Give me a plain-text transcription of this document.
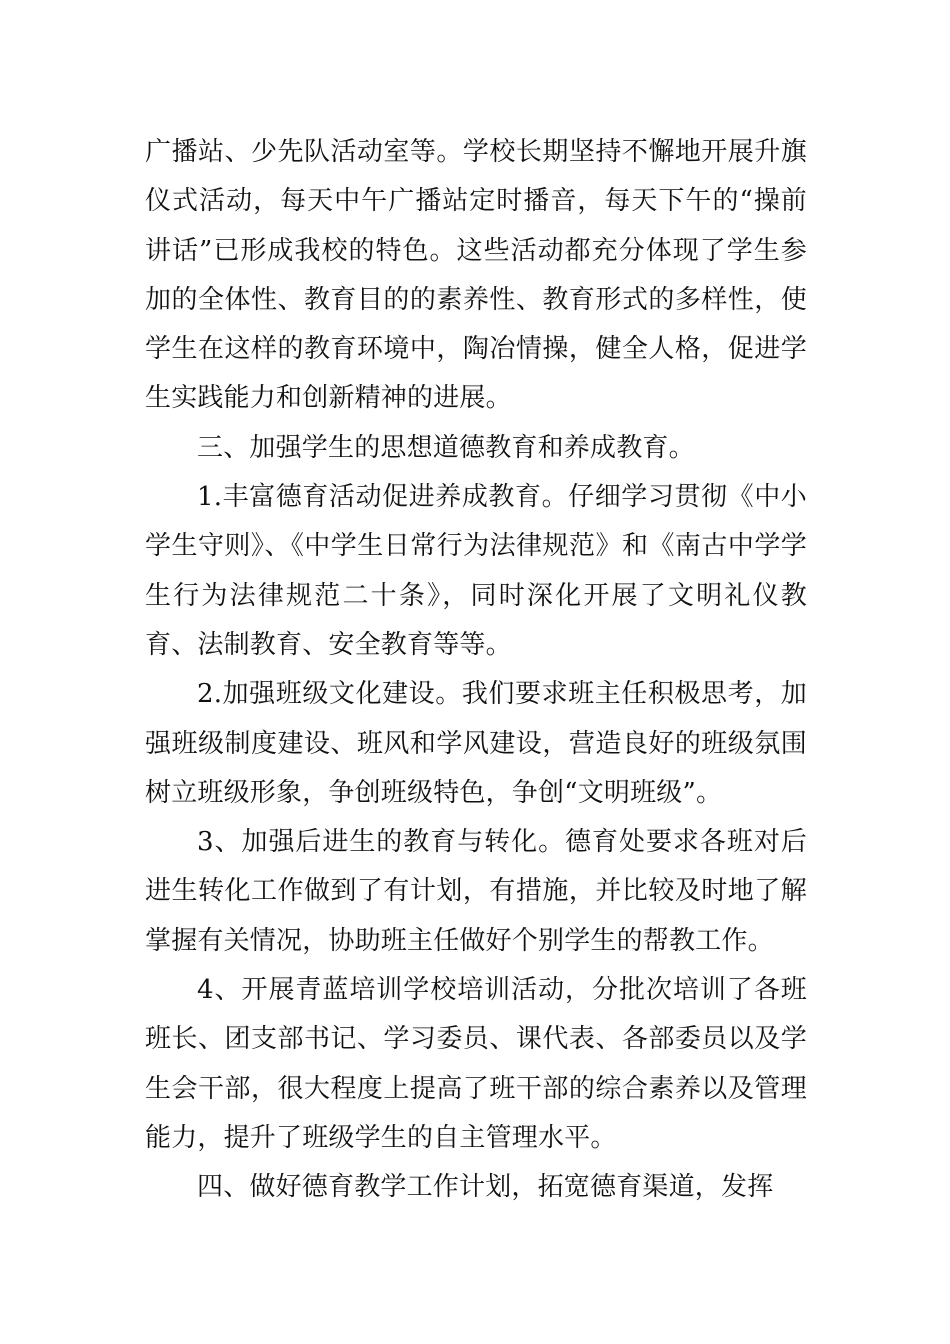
广播站、少先队活动室等。学校长期坚持不懈地开展升旗仪式活动，每天中午广播站定时播音，每天下午的“操前讲话”已形成我校的特色。这些活动都充分体现了学生参加的全体性、教育目的的素养性、教育形式的多样性，使学生在这样的教育环境中，陶冶情操，健全人格，促进学生实践能力和创新精神的进展。

三、加强学生的思想道德教育和养成教育。

1.丰富德育活动促进养成教育。仔细学习贯彻《中小学生守则》、《中学生日常行为法律规范》和《南古中学学生行为法律规范二十条》，同时深化开展了文明礼仪教育、法制教育、安全教育等等。

2.加强班级文化建设。我们要求班主任积极思考，加强班级制度建设、班风和学风建设，营造良好的班级氛围树立班级形象，争创班级特色，争创“文明班级”。

3、加强后进生的教育与转化。德育处要求各班对后进生转化工作做到了有计划，有措施，并比较及时地了解掌握有关情况，协助班主任做好个别学生的帮教工作。

4、开展青蓝培训学校培训活动，分批次培训了各班班长、团支部书记、学习委员、课代表、各部委员以及学生会干部，很大程度上提高了班干部的综合素养以及管理能力，提升了班级学生的自主管理水平。

四、做好德育教学工作计划，拓宽德育渠道，发挥
